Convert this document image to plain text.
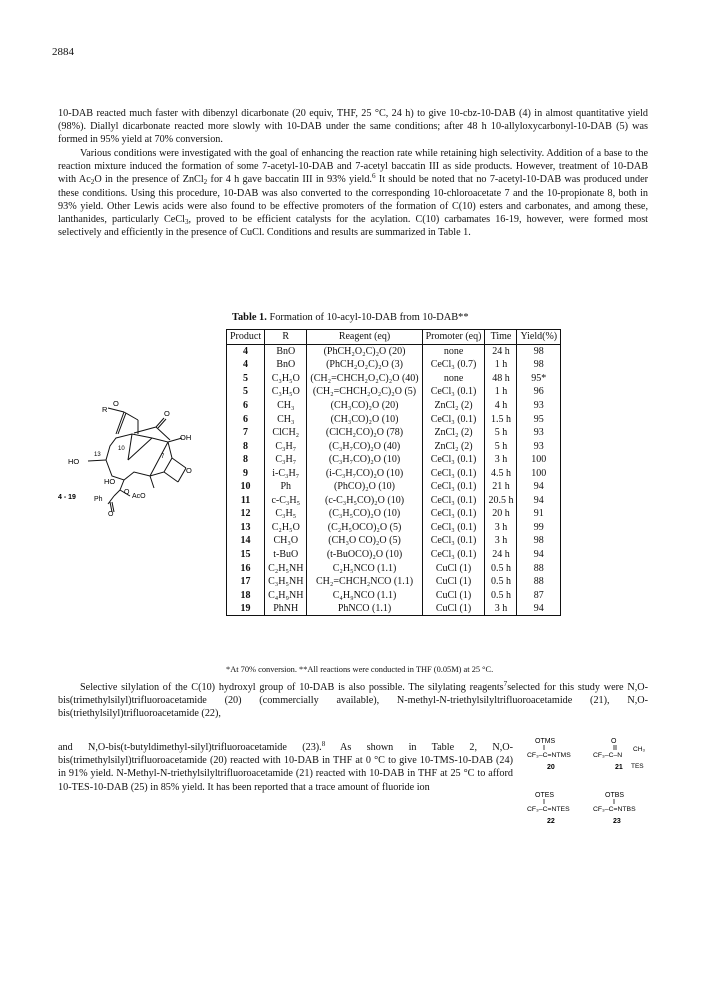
2884

10-DAB reacted much faster with dibenzyl dicarbonate (20 equiv, THF, 25 °C, 24 h) to give 10-cbz-10-DAB (4) in almost quantitative yield (98%). Diallyl dicarbonate reacted more slowly with 10-DAB under the same conditions; after 48 h 10-allyloxycarbonyl-10-DAB (5) was formed in 95% yield at 70% conversion.

Various conditions were investigated with the goal of enhancing the reaction rate while retaining high selectivity. Addition of a base to the reaction mixture induced the formation of some 7-acetyl-10-DAB and 7-acetyl baccatin III as side products. However, treatment of 10-DAB with $Ac_2O$ in the presence of ZnCl$_2$ for 4 h gave baccatin III in 93% yield.$^6$ It should be noted that no 7-acetyl-10-DAB was produced under these conditions. Using this procedure, 10-DAB was also converted to the corresponding 10-chloroacetate 7 and the 10-propionate 8, both in 93% yield. Other Lewis acids were also found to be effective promoters of the formation of C(10) esters and carbonates, and among these, lanthanides, particularly CeCl$_3$, proved to be efficient catalysts for the acylation. C(10) carbamates 16-19, however, were formed most selectively and efficiently in the presence of CuCl. Conditions and results are summarized in Table 1.

Table 1. Formation of 10-acyl-10-DAB from 10-DAB**
R
O
O
OH
HO
10
13	7
HO
O
4 - 19	Ph
O
AcO
O
Product	R	Reagent (eq)	Promoter (eq)	Time	Yield(%)
4	BnO	(PhCH₂O₂C)₂O (20)	none	24 h	98
4	BnO	(PhCH₂O₂C)₂O (3)	CeCl₃ (0.7)	1 h	98
5	C₃H₅O	(CH₂=CHCH₂O₂C)₂O (40)	none	48 h	95*
5	C₃H₅O	(CH₂=CHCH₂O₂C)₂O (5)	CeCl₃ (0.1)	1 h	96
6	CH₃	(CH₃CO)₂O (20)	ZnCl₂ (2)	4 h	93
6	CH₃	(CH₃CO)₂O (10)	CeCl₃ (0.1)	1.5 h	95
7	ClCH₂	(ClCH₂CO)₂O (78)	ZnCl₂ (2)	5 h	93
8	C₃H₇	(C₃H₇CO)₂O (40)	ZnCl₂ (2)	5 h	93
8	C₃H₇	(C₃H₇CO)₂O (10)	CeCl₃ (0.1)	3 h	100
9	i-C₃H₇	(i-C₃H₇CO)₂O (10)	CeCl₃ (0.1)	4.5 h	100
10	Ph	(PhCO)₂O (10)	CeCl₃ (0.1)	21 h	94
11	c-C₃H₅	(c-C₃H₅CO)₂O (10)	CeCl₃ (0.1)	20.5 h	94
12	C₃H₅	(C₃H₅CO)₂O (10)	CeCl₃ (0.1)	20 h	91
13	C₂H₅O	(C₂H₅OCO)₂O (5)	CeCl₃ (0.1)	3 h	99
14	CH₃O	(CH₃O CO)₂O (5)	CeCl₃ (0.1)	3 h	98
15	t-BuO	(t-BuOCO)₂O (10)	CeCl₃ (0.1)	24 h	94
16	C₂H₅NH	C₂H₅NCO (1.1)	CuCl (1)	0.5 h	88
17	C₃H₅NH	CH₂=CHCH₂NCO (1.1)	CuCl (1)	0.5 h	88
18	C₄H₉NH	C₄H₉NCO (1.1)	CuCl (1)	0.5 h	87
19	PhNH	PhNCO (1.1)	CuCl (1)	3 h	94
*At 70% conversion. **All reactions were conducted in THF (0.05M) at 25 °C.

Selective silylation of the C(10) hydroxyl group of 10-DAB is also possible. The silylating reagents$^7$selected for this study were N,O-bis(trimethylsilyl)trifluoroacetamide (20) (commercially available), N-methyl-N-triethylsilyltrifluoroacetamide (21), N,O-bis(triethylsilyl)trifluoroacetamide (22),

and N,O-bis(t-butyldimethyl-silyl)trifluoroacetamide (23).$^8$ As shown in Table 2, N,O-bis(trimethylsilyl)trifluoroacetamide (20) reacted with 10-DAB in THF at 0 °C to give 10-TMS-10-DAB (24) in 91% yield. N-Methyl-N-triethylsilyltrifluoroacetamide (21) reacted with 10-DAB in THF at 25 °C to afford 10-TES-10-DAB (25) in 85% yield. It has been reported that a trace amount of fluoride ion

OTMS
CF₃–C=NTMS
20
O
CF₃–C–N
CH₃
TES
21
OTES
CF₃–C=NTES
22
OTBS
CF₃–C=NTBS
23
